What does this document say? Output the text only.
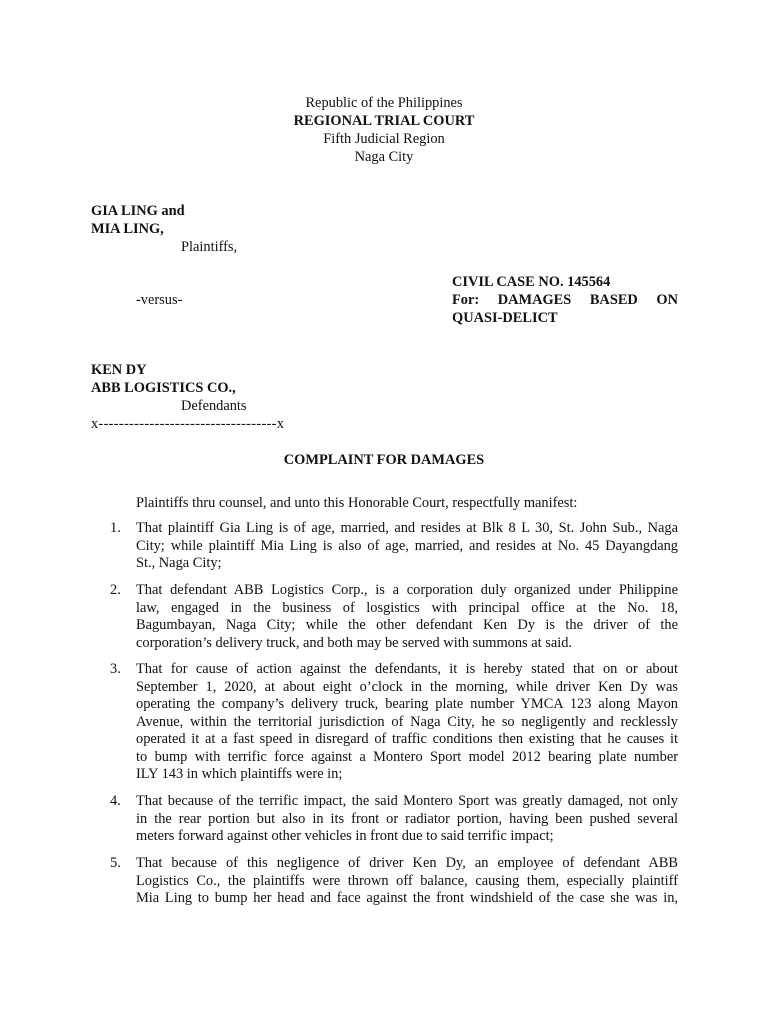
Republic of the Philippines
REGIONAL TRIAL COURT
Fifth Judicial Region
Naga City
GIA LING and
MIA LING,
Plaintiffs,
CIVIL CASE NO. 145564
For: DAMAGES BASED ON
QUASI-DELICT
-versus-
KEN DY
ABB LOGISTICS CO.,
Defendants
x-----------------------------------x
COMPLAINT FOR DAMAGES
Plaintiffs thru counsel, and unto this Honorable Court, respectfully manifest:
1. That plaintiff Gia Ling is of age, married, and resides at Blk 8 L 30, St. John Sub., Naga
City; while plaintiff Mia Ling is also of age, married, and resides at No. 45 Dayangdang
St., Naga City;
2. That defendant ABB Logistics Corp., is a corporation duly organized under Philippine
law, engaged in the business of losgistics with principal office at the No. 18,
Bagumbayan, Naga City; while the other defendant Ken Dy is the driver of the
corporation’s delivery truck, and both may be served with summons at said.
3. That for cause of action against the defendants, it is hereby stated that on or about
September 1, 2020, at about eight o’clock in the morning, while driver Ken Dy was
operating the company’s delivery truck, bearing plate number YMCA 123 along Mayon
Avenue, within the territorial jurisdiction of Naga City, he so negligently and recklessly
operated it at a fast speed in disregard of traffic conditions then existing that he causes it
to bump with terrific force against a Montero Sport model 2012 bearing plate number
ILY 143 in which plaintiffs were in;
4. That because of the terrific impact, the said Montero Sport was greatly damaged, not only
in the rear portion but also in its front or radiator portion, having been pushed several
meters forward against other vehicles in front due to said terrific impact;
5. That because of this negligence of driver Ken Dy, an employee of defendant ABB
Logistics Co., the plaintiffs were thrown off balance, causing them, especially plaintiff
Mia Ling to bump her head and face against the front windshield of the case she was in,
